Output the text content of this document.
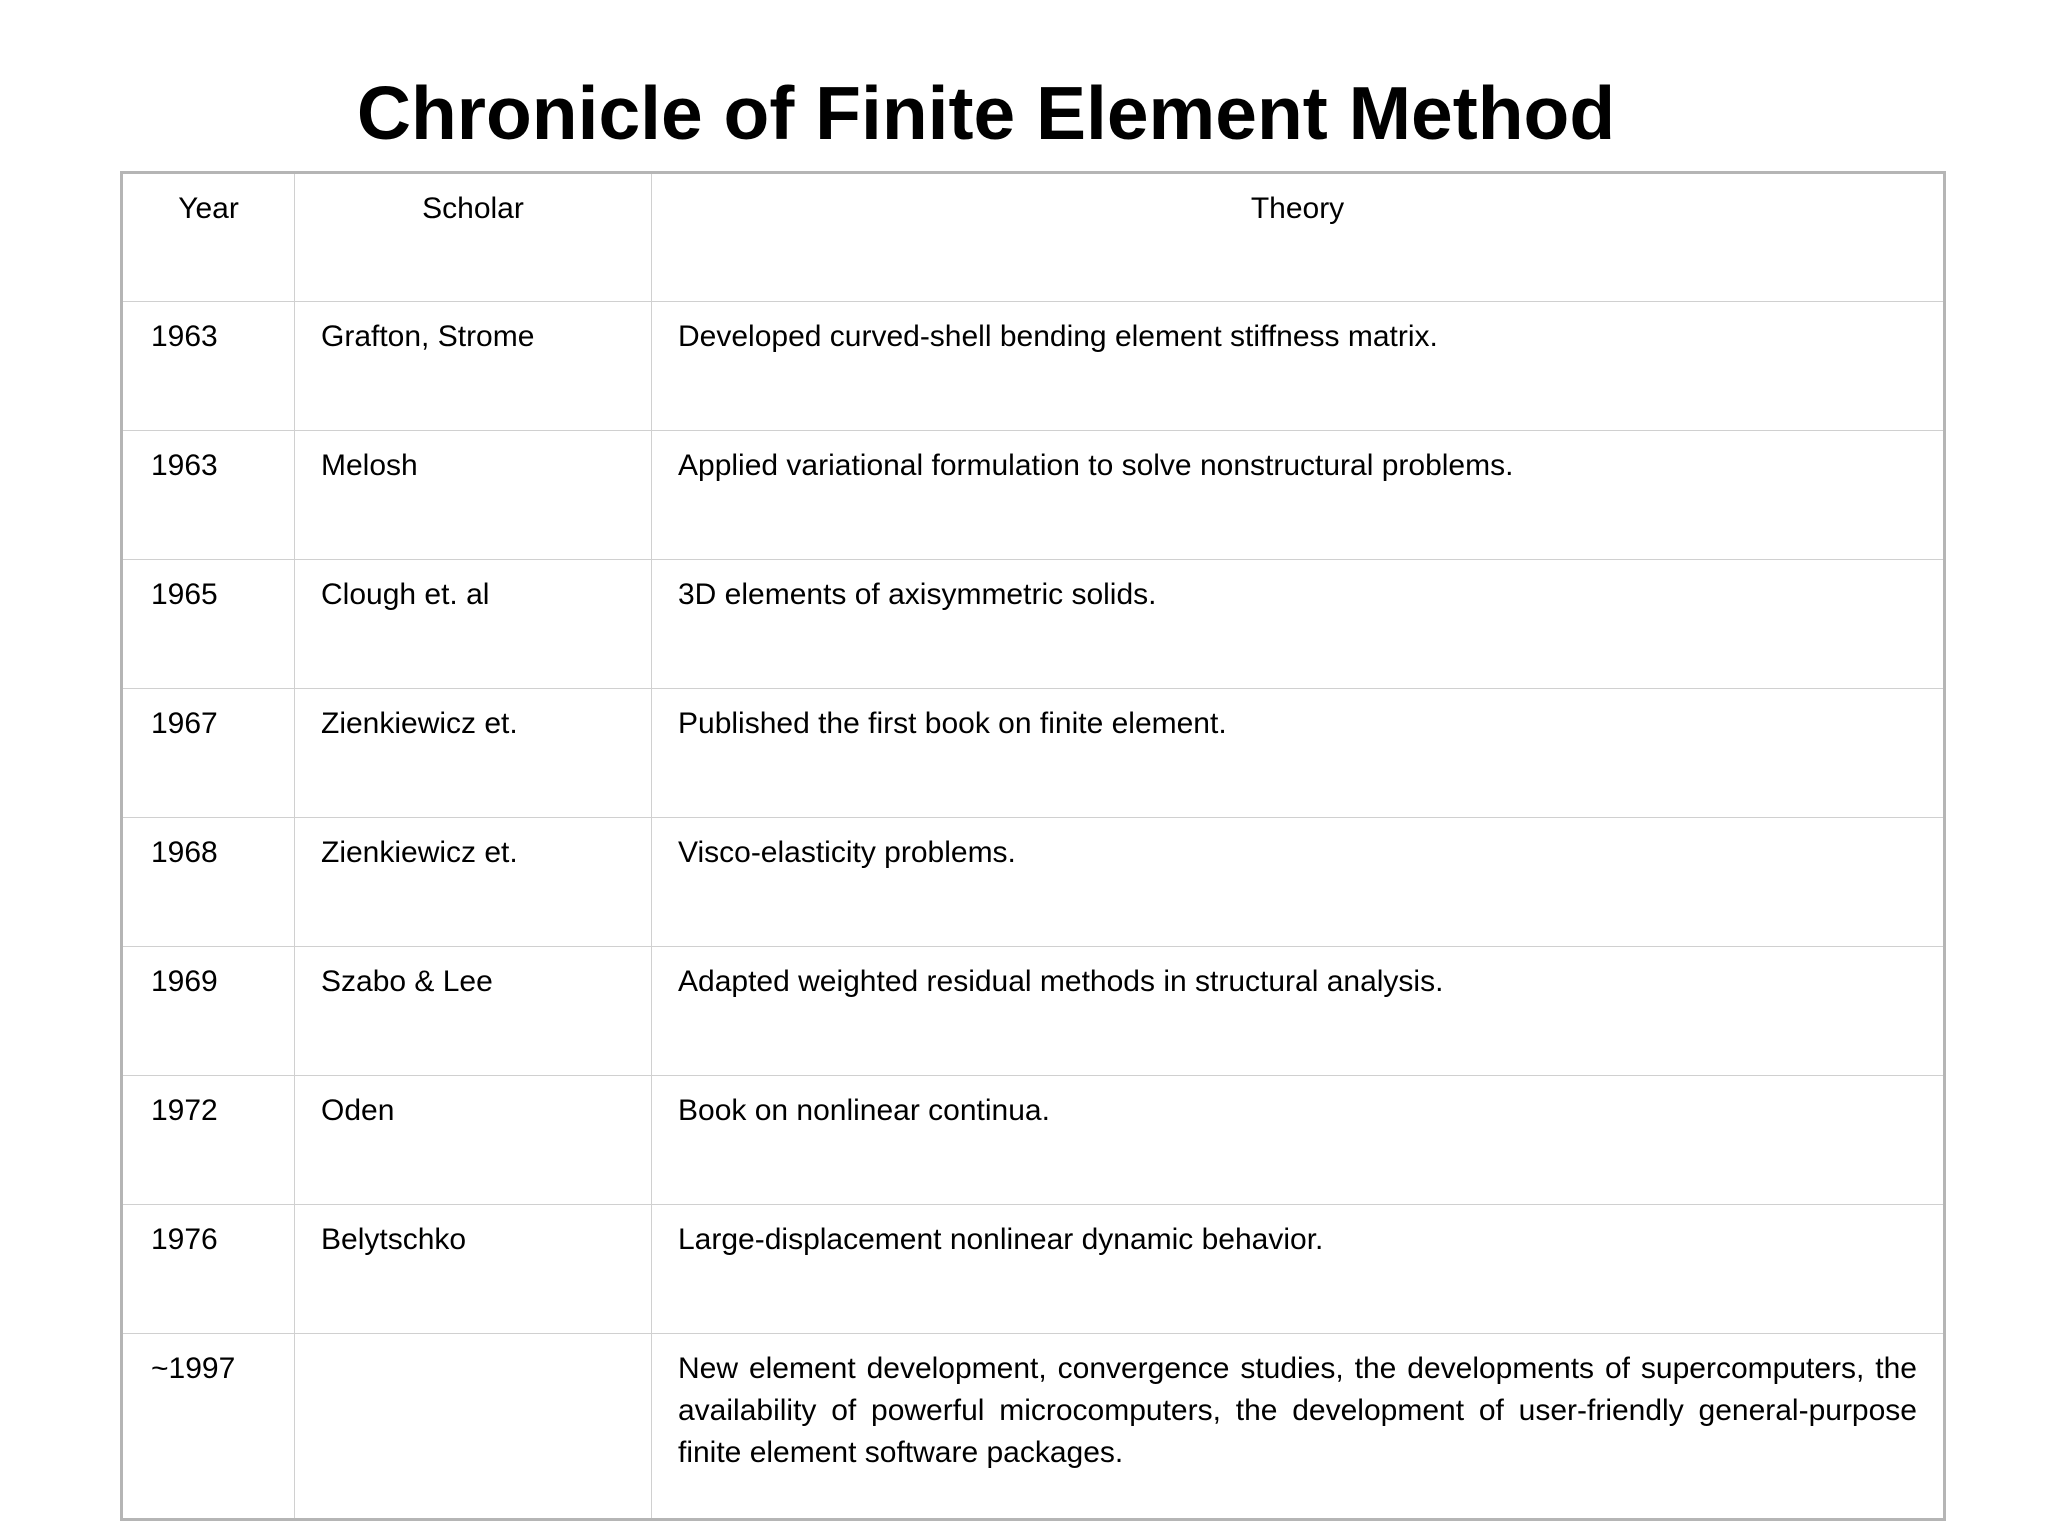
Chronicle of Finite Element Method
Year	Scholar	Theory
1963	Grafton, Strome	Developed curved-shell bending element stiffness matrix.
1963	Melosh	Applied variational formulation to solve nonstructural problems.
1965	Clough et. al	3D elements of axisymmetric solids.
1967	Zienkiewicz et.	Published the first book on finite element.
1968	Zienkiewicz et.	Visco-elasticity problems.
1969	Szabo & Lee	Adapted weighted residual methods in structural analysis.
1972	Oden	Book on nonlinear continua.
1976	Belytschko	Large-displacement nonlinear dynamic behavior.
~1997		New element development, convergence studies, the developments of supercomputers, the availability of powerful microcomputers, the development of user-friendly general-purpose finite element software packages.
